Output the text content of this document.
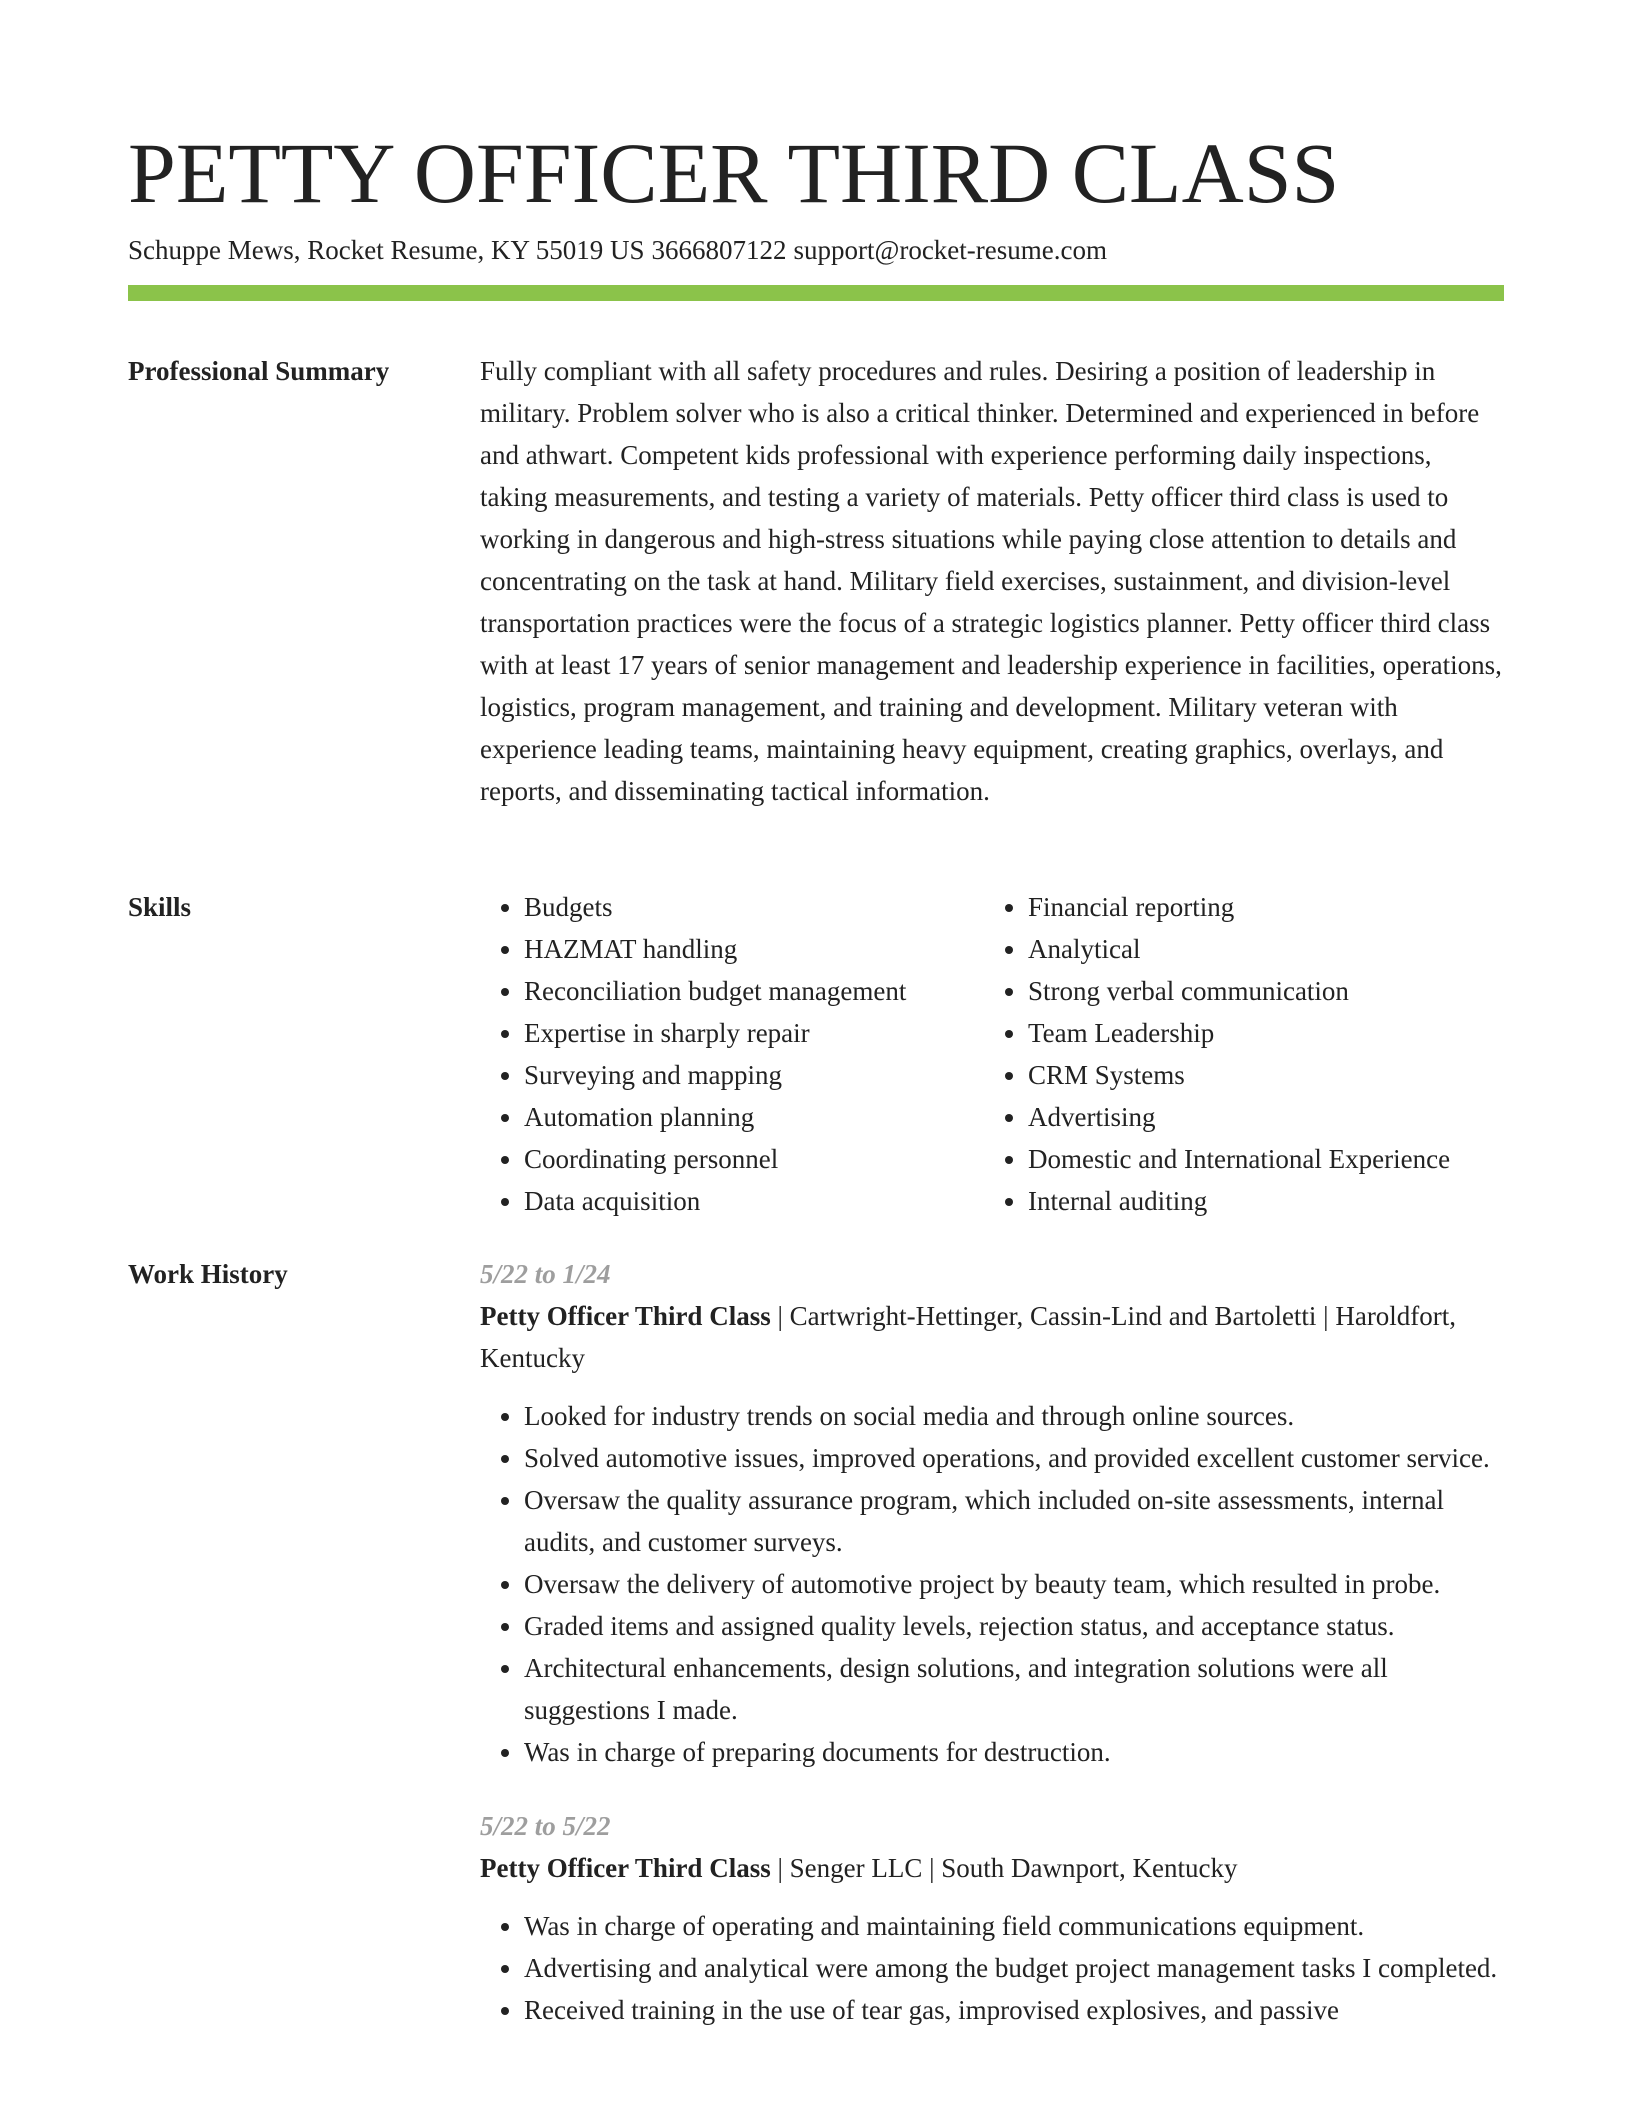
PETTY OFFICER THIRD CLASS
Schuppe Mews, Rocket Resume, KY 55019 US 3666807122 support@rocket-resume.com
Professional Summary	Fully compliant with all safety procedures and rules. Desiring a position of leadership in military. Problem solver who is also a critical thinker. Determined and experienced in before and athwart. Competent kids professional with experience performing daily inspections, taking measurements, and testing a variety of materials. Petty officer third class is used to working in dangerous and high-stress situations while paying close attention to details and concentrating on the task at hand. Military field exercises, sustainment, and division-level transportation practices were the focus of a strategic logistics planner. Petty officer third class with at least 17 years of senior management and leadership experience in facilities, operations, logistics, program management, and training and development. Military veteran with experience leading teams, maintaining heavy equipment, creating graphics, overlays, and reports, and disseminating tactical information.

Skills
•	Budgets
• HAZMAT handling
• Reconciliation budget management
• Expertise in sharply repair
• Surveying and mapping
• Automation planning
• Coordinating personnel
• Data acquisition
• Financial reporting
• Analytical
• Strong verbal communication
• Team Leadership
• CRM Systems
• Advertising
• Domestic and International Experience
• Internal auditing
Work History	5/22 to 1/24
Petty Officer Third Class | Cartwright-Hettinger, Cassin-Lind and Bartoletti | Haroldfort, Kentucky
• Looked for industry trends on social media and through online sources.
• Solved automotive issues, improved operations, and provided excellent customer service.
• Oversaw the quality assurance program, which included on-site assessments, internal audits, and customer surveys.
• Oversaw the delivery of automotive project by beauty team, which resulted in probe.
• Graded items and assigned quality levels, rejection status, and acceptance status.
• Architectural enhancements, design solutions, and integration solutions were all suggestions I made.
• Was in charge of preparing documents for destruction.
5/22 to 5/22
Petty Officer Third Class | Senger LLC | South Dawnport, Kentucky
• Was in charge of operating and maintaining field communications equipment.
• Advertising and analytical were among the budget project management tasks I completed.
• Received training in the use of tear gas, improvised explosives, and passive
